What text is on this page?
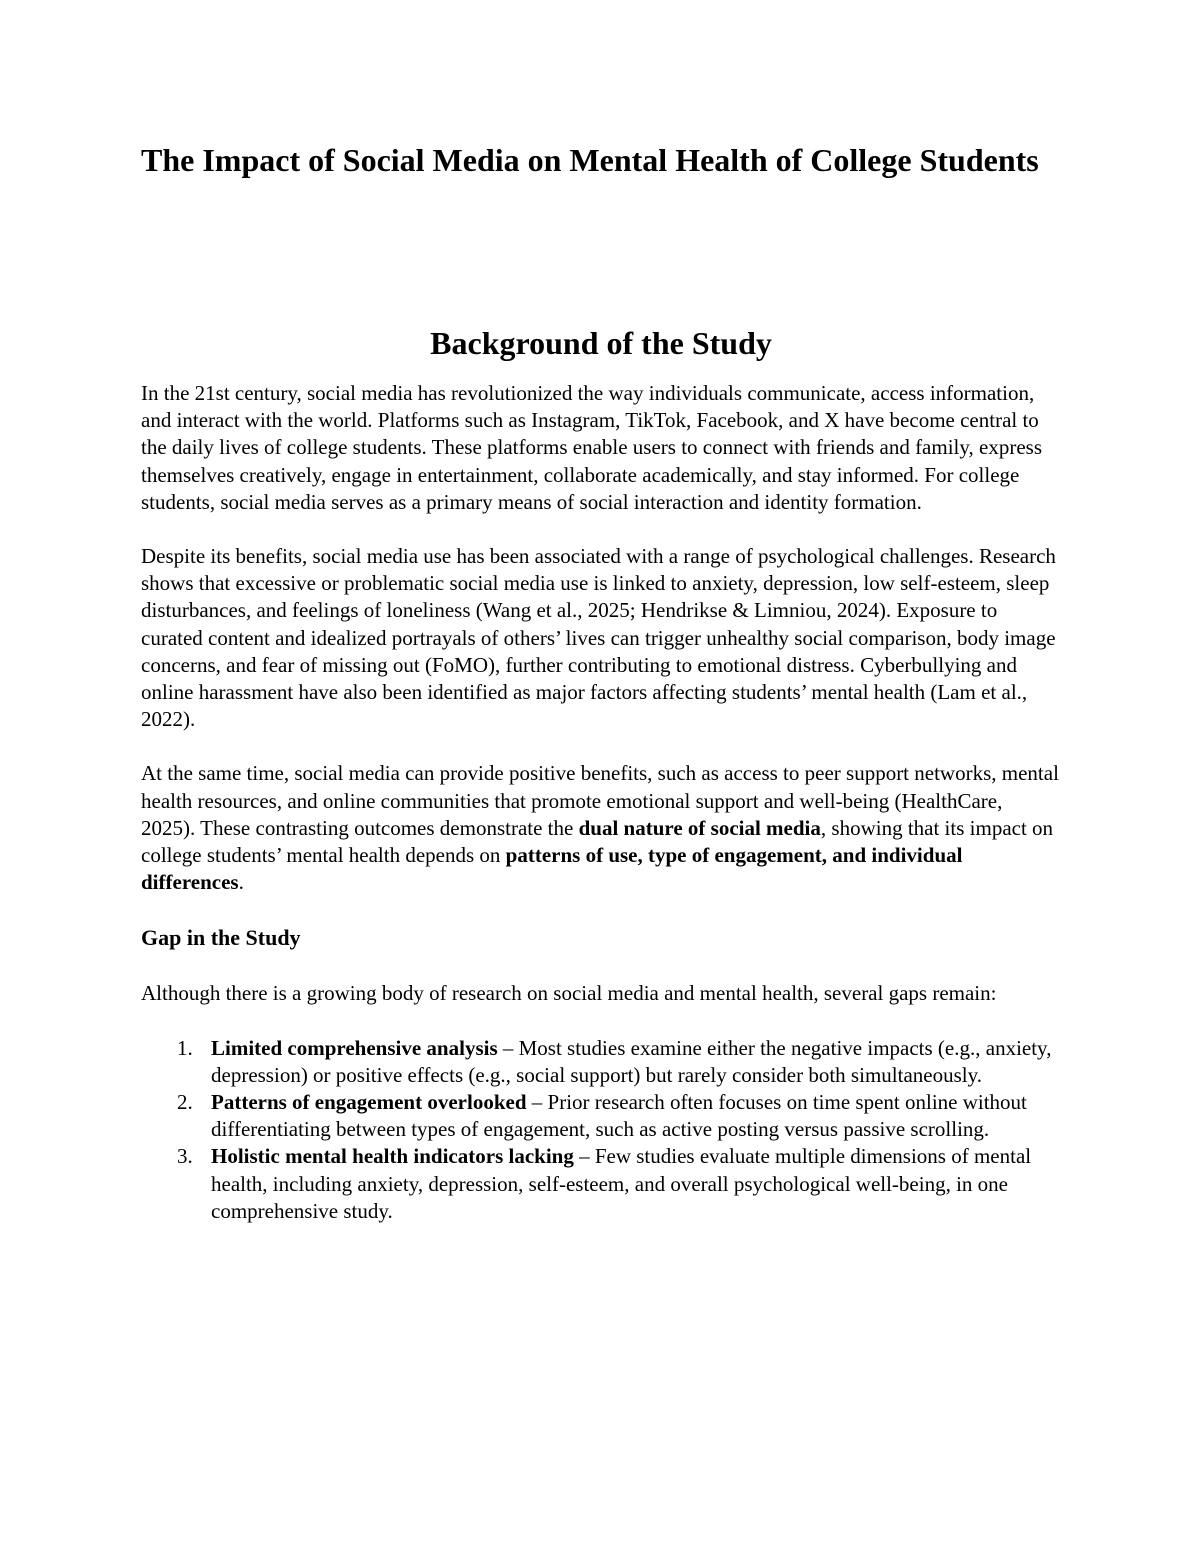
The Impact of Social Media on Mental Health of College Students
Background of the Study

In the 21st century, social media has revolutionized the way individuals communicate, access information, and interact with the world. Platforms such as Instagram, TikTok, Facebook, and X have become central to the daily lives of college students. These platforms enable users to connect with friends and family, express themselves creatively, engage in entertainment, collaborate academically, and stay informed. For college students, social media serves as a primary means of social interaction and identity formation.

Despite its benefits, social media use has been associated with a range of psychological challenges. Research shows that excessive or problematic social media use is linked to anxiety, depression, low self-esteem, sleep disturbances, and feelings of loneliness (Wang et al., 2025; Hendrikse & Limniou, 2024). Exposure to curated content and idealized portrayals of others’ lives can trigger unhealthy social comparison, body image concerns, and fear of missing out (FoMO), further contributing to emotional distress. Cyberbullying and online harassment have also been identified as major factors affecting students’ mental health (Lam et al., 2022).

At the same time, social media can provide positive benefits, such as access to peer support networks, mental health resources, and online communities that promote emotional support and well-being (HealthCare, 2025). These contrasting outcomes demonstrate the dual nature of social media, showing that its impact on college students’ mental health depends on patterns of use, type of engagement, and individual differences.

Gap in the Study

Although there is a growing body of research on social media and mental health, several gaps remain:

1. Limited comprehensive analysis – Most studies examine either the negative impacts (e.g., anxiety, depression) or positive effects (e.g., social support) but rarely consider both simultaneously.
2. Patterns of engagement overlooked – Prior research often focuses on time spent online without differentiating between types of engagement, such as active posting versus passive scrolling.
3. Holistic mental health indicators lacking – Few studies evaluate multiple dimensions of mental health, including anxiety, depression, self-esteem, and overall psychological well-being, in one comprehensive study.
